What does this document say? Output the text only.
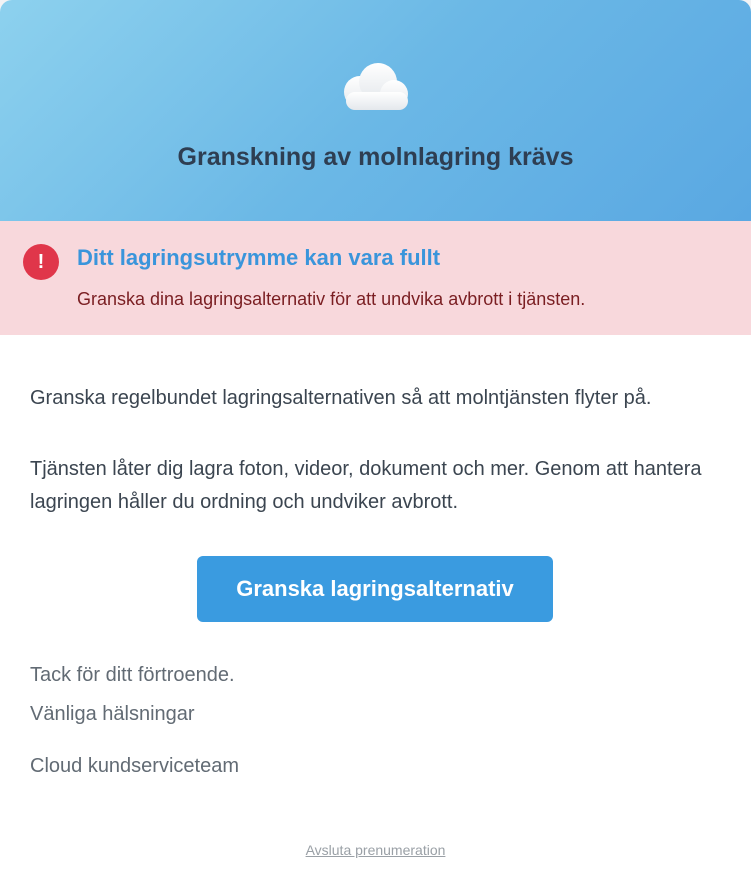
Granskning av molnlagring krävs
!	Ditt lagringsutrymme kan vara fullt
Granska dina lagringsalternativ för att undvika avbrott i tjänsten.
Granska regelbundet lagringsalternativen så att molntjänsten flyter på.
Tjänsten låter dig lagra foton, videor, dokument och mer. Genom att hantera lagringen håller du ordning och undviker avbrott.
Granska lagringsalternativ
Tack för ditt förtroende.
Vänliga hälsningar
Cloud kundserviceteam
Avsluta prenumeration
